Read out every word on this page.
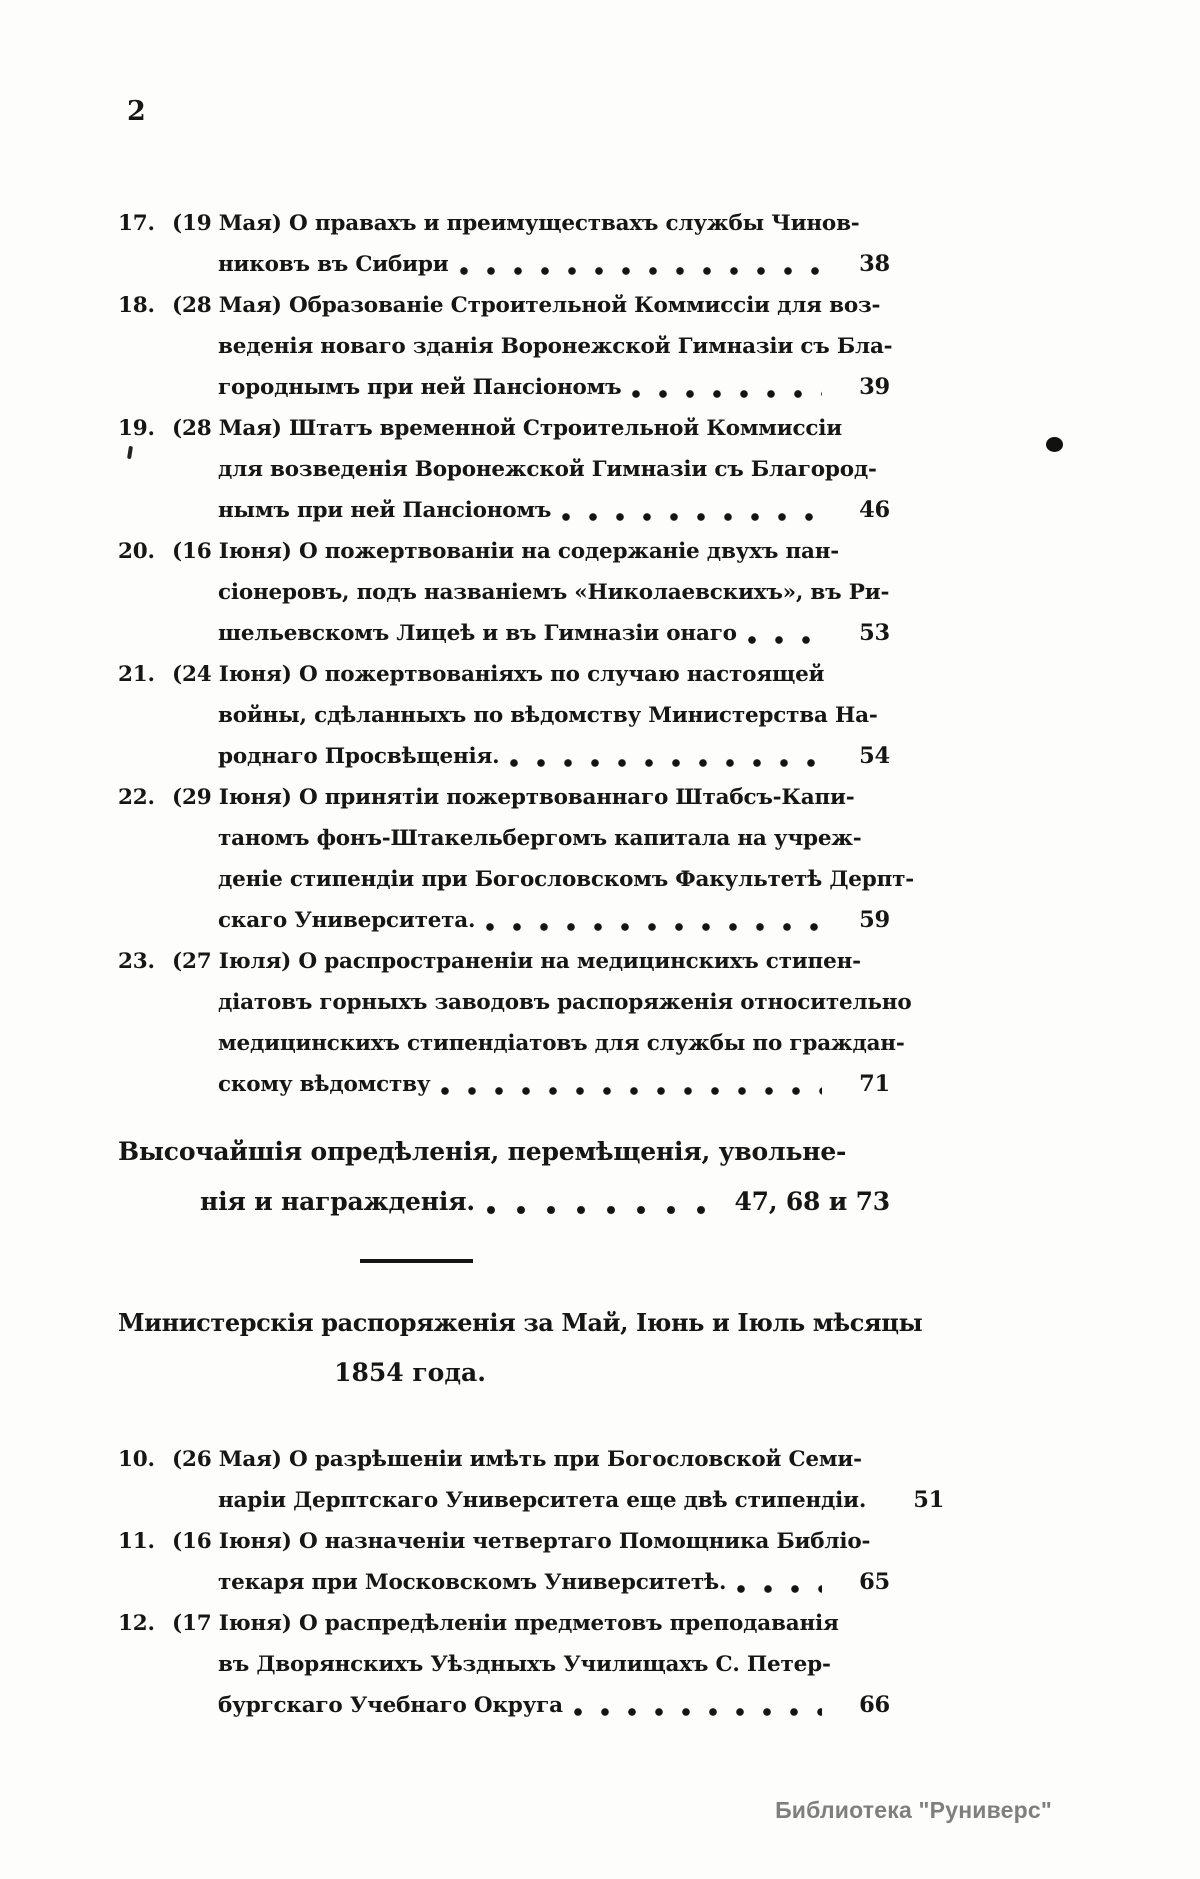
2
17. (19 Мая) О правахъ и преимуществахъ службы Чинов-
никовъ въ Сибири	38
18. (28 Мая) Образованіе Строительной Коммиссіи для воз-
веденія новаго зданія Воронежской Гимназіи съ Бла-
городнымъ при ней Пансіономъ	39
19. (28 Мая) Штатъ временной Строительной Коммиссіи
для возведенія Воронежской Гимназіи съ Благород-
нымъ при ней Пансіономъ	46
20. (16 Іюня) О пожертвованіи на содержаніе двухъ пан-
сіонеровъ, подъ названіемъ «Николаевскихъ», въ Ри-
шельевскомъ Лицеѣ и въ Гимназіи онаго	53
21. (24 Іюня) О пожертвованіяхъ по случаю настоящей
войны, сдѣланныхъ по вѣдомству Министерства На-
роднаго Просвѣщенія.	54
22. (29 Іюня) О принятіи пожертвованнаго Штабсъ-Капи-
таномъ фонъ-Штакельбергомъ капитала на учреж-
деніе стипендіи при Богословскомъ Факультетѣ Дерпт-
скаго Университета.	59
23. (27 Іюля) О распространеніи на медицинскихъ стипен-
діатовъ горныхъ заводовъ распоряженія относительно
медицинскихъ стипендіатовъ для службы по граждан-
скому вѣдомству	71
Высочайшія опредѣленія, перемѣщенія, увольне-
нія и награжденія.	47, 68 и 73
Министерскія распоряженія за Май, Іюнь и Іюль мѣсяцы
1854 года.
10. (26 Мая) О разрѣшеніи имѣть при Богословской Семи-
наріи Дерптскаго Университета еще двѣ стипендіи.	51
11. (16 Іюня) О назначеніи четвертаго Помощника Библіо-
текаря при Московскомъ Университетѣ.	65
12. (17 Іюня) О распредѣленіи предметовъ преподаванія
въ Дворянскихъ Уѣздныхъ Училищахъ С. Петер-
бургскаго Учебнаго Округа	66
Библиотека "Руниверс"
